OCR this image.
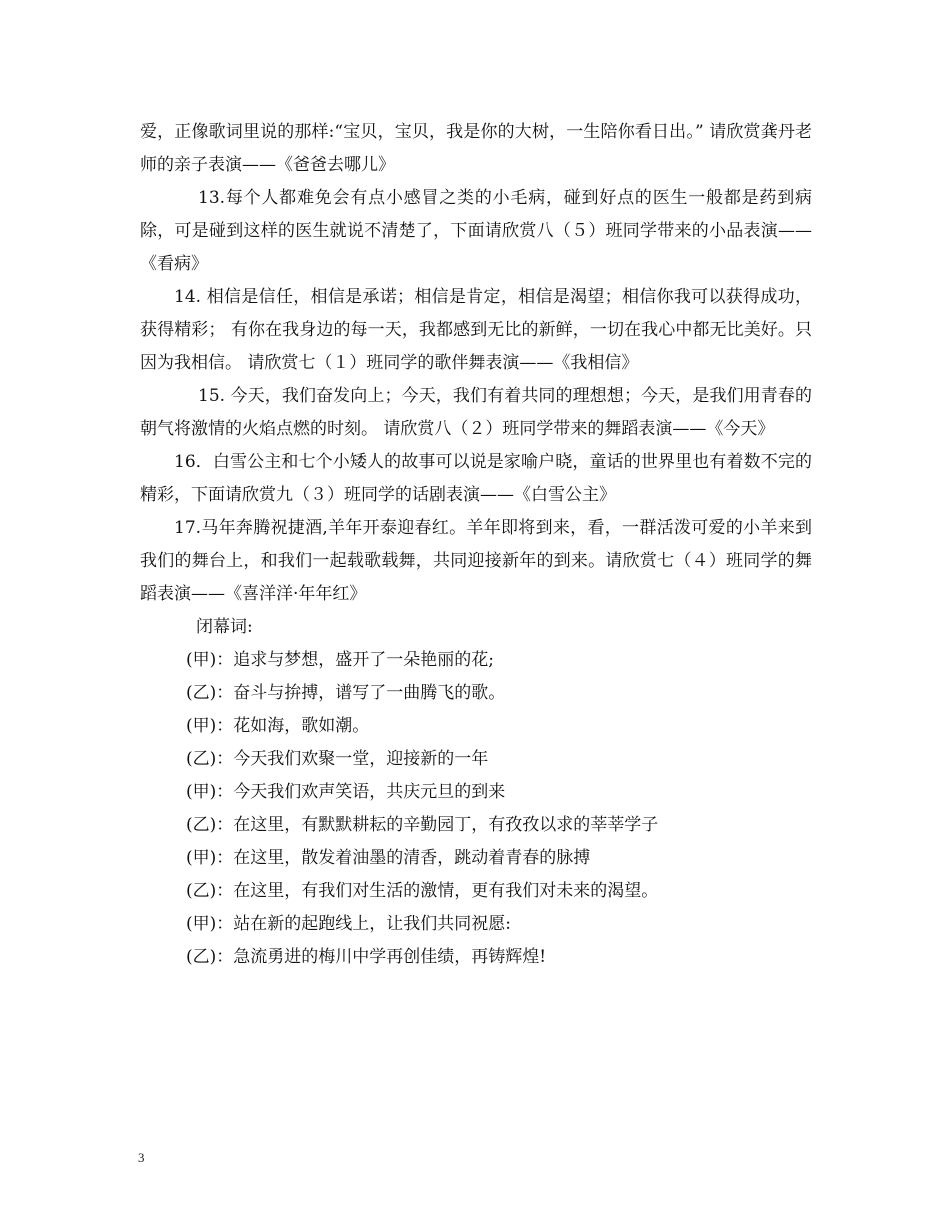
爱，正像歌词里说的那样:“宝贝，宝贝，我是你的大树，一生陪你看日出。” 请欣赏龚丹老师的亲子表演——《爸爸去哪儿》

13.每个人都难免会有点小感冒之类的小毛病，碰到好点的医生一般都是药到病除，可是碰到这样的医生就说不清楚了，下面请欣赏八（５）班同学带来的小品表演——《看病》

14. 相信是信任，相信是承诺；相信是肯定，相信是渴望；相信你我可以获得成功，获得精彩； 有你在我身边的每一天，我都感到无比的新鲜，一切在我心中都无比美好。只因为我相信。 请欣赏七（１）班同学的歌伴舞表演——《我相信》

15. 今天，我们奋发向上；今天，我们有着共同的理想想；今天，是我们用青春的朝气将激情的火焰点燃的时刻。 请欣赏八（２）班同学带来的舞蹈表演——《今天》

16．白雪公主和七个小矮人的故事可以说是家喻户晓，童话的世界里也有着数不完的精彩，下面请欣赏九（３）班同学的话剧表演——《白雪公主》

17.马年奔腾祝捷酒,羊年开泰迎春红。羊年即将到来，看，一群活泼可爱的小羊来到我们的舞台上，和我们一起载歌载舞，共同迎接新年的到来。请欣赏七（４）班同学的舞蹈表演——《喜洋洋·年年红》

闭幕词:

(甲)：追求与梦想，盛开了一朵艳丽的花;

(乙)：奋斗与拚搏，谱写了一曲腾飞的歌。

(甲)：花如海，歌如潮。

(乙)：今天我们欢聚一堂，迎接新的一年

(甲)：今天我们欢声笑语，共庆元旦的到来

(乙)：在这里，有默默耕耘的辛勤园丁，有孜孜以求的莘莘学子

(甲)：在这里，散发着油墨的清香，跳动着青春的脉搏

(乙)：在这里，有我们对生活的激情，更有我们对未来的渴望。

(甲)：站在新的起跑线上，让我们共同祝愿:

(乙)：急流勇进的梅川中学再创佳绩，再铸辉煌!

3
